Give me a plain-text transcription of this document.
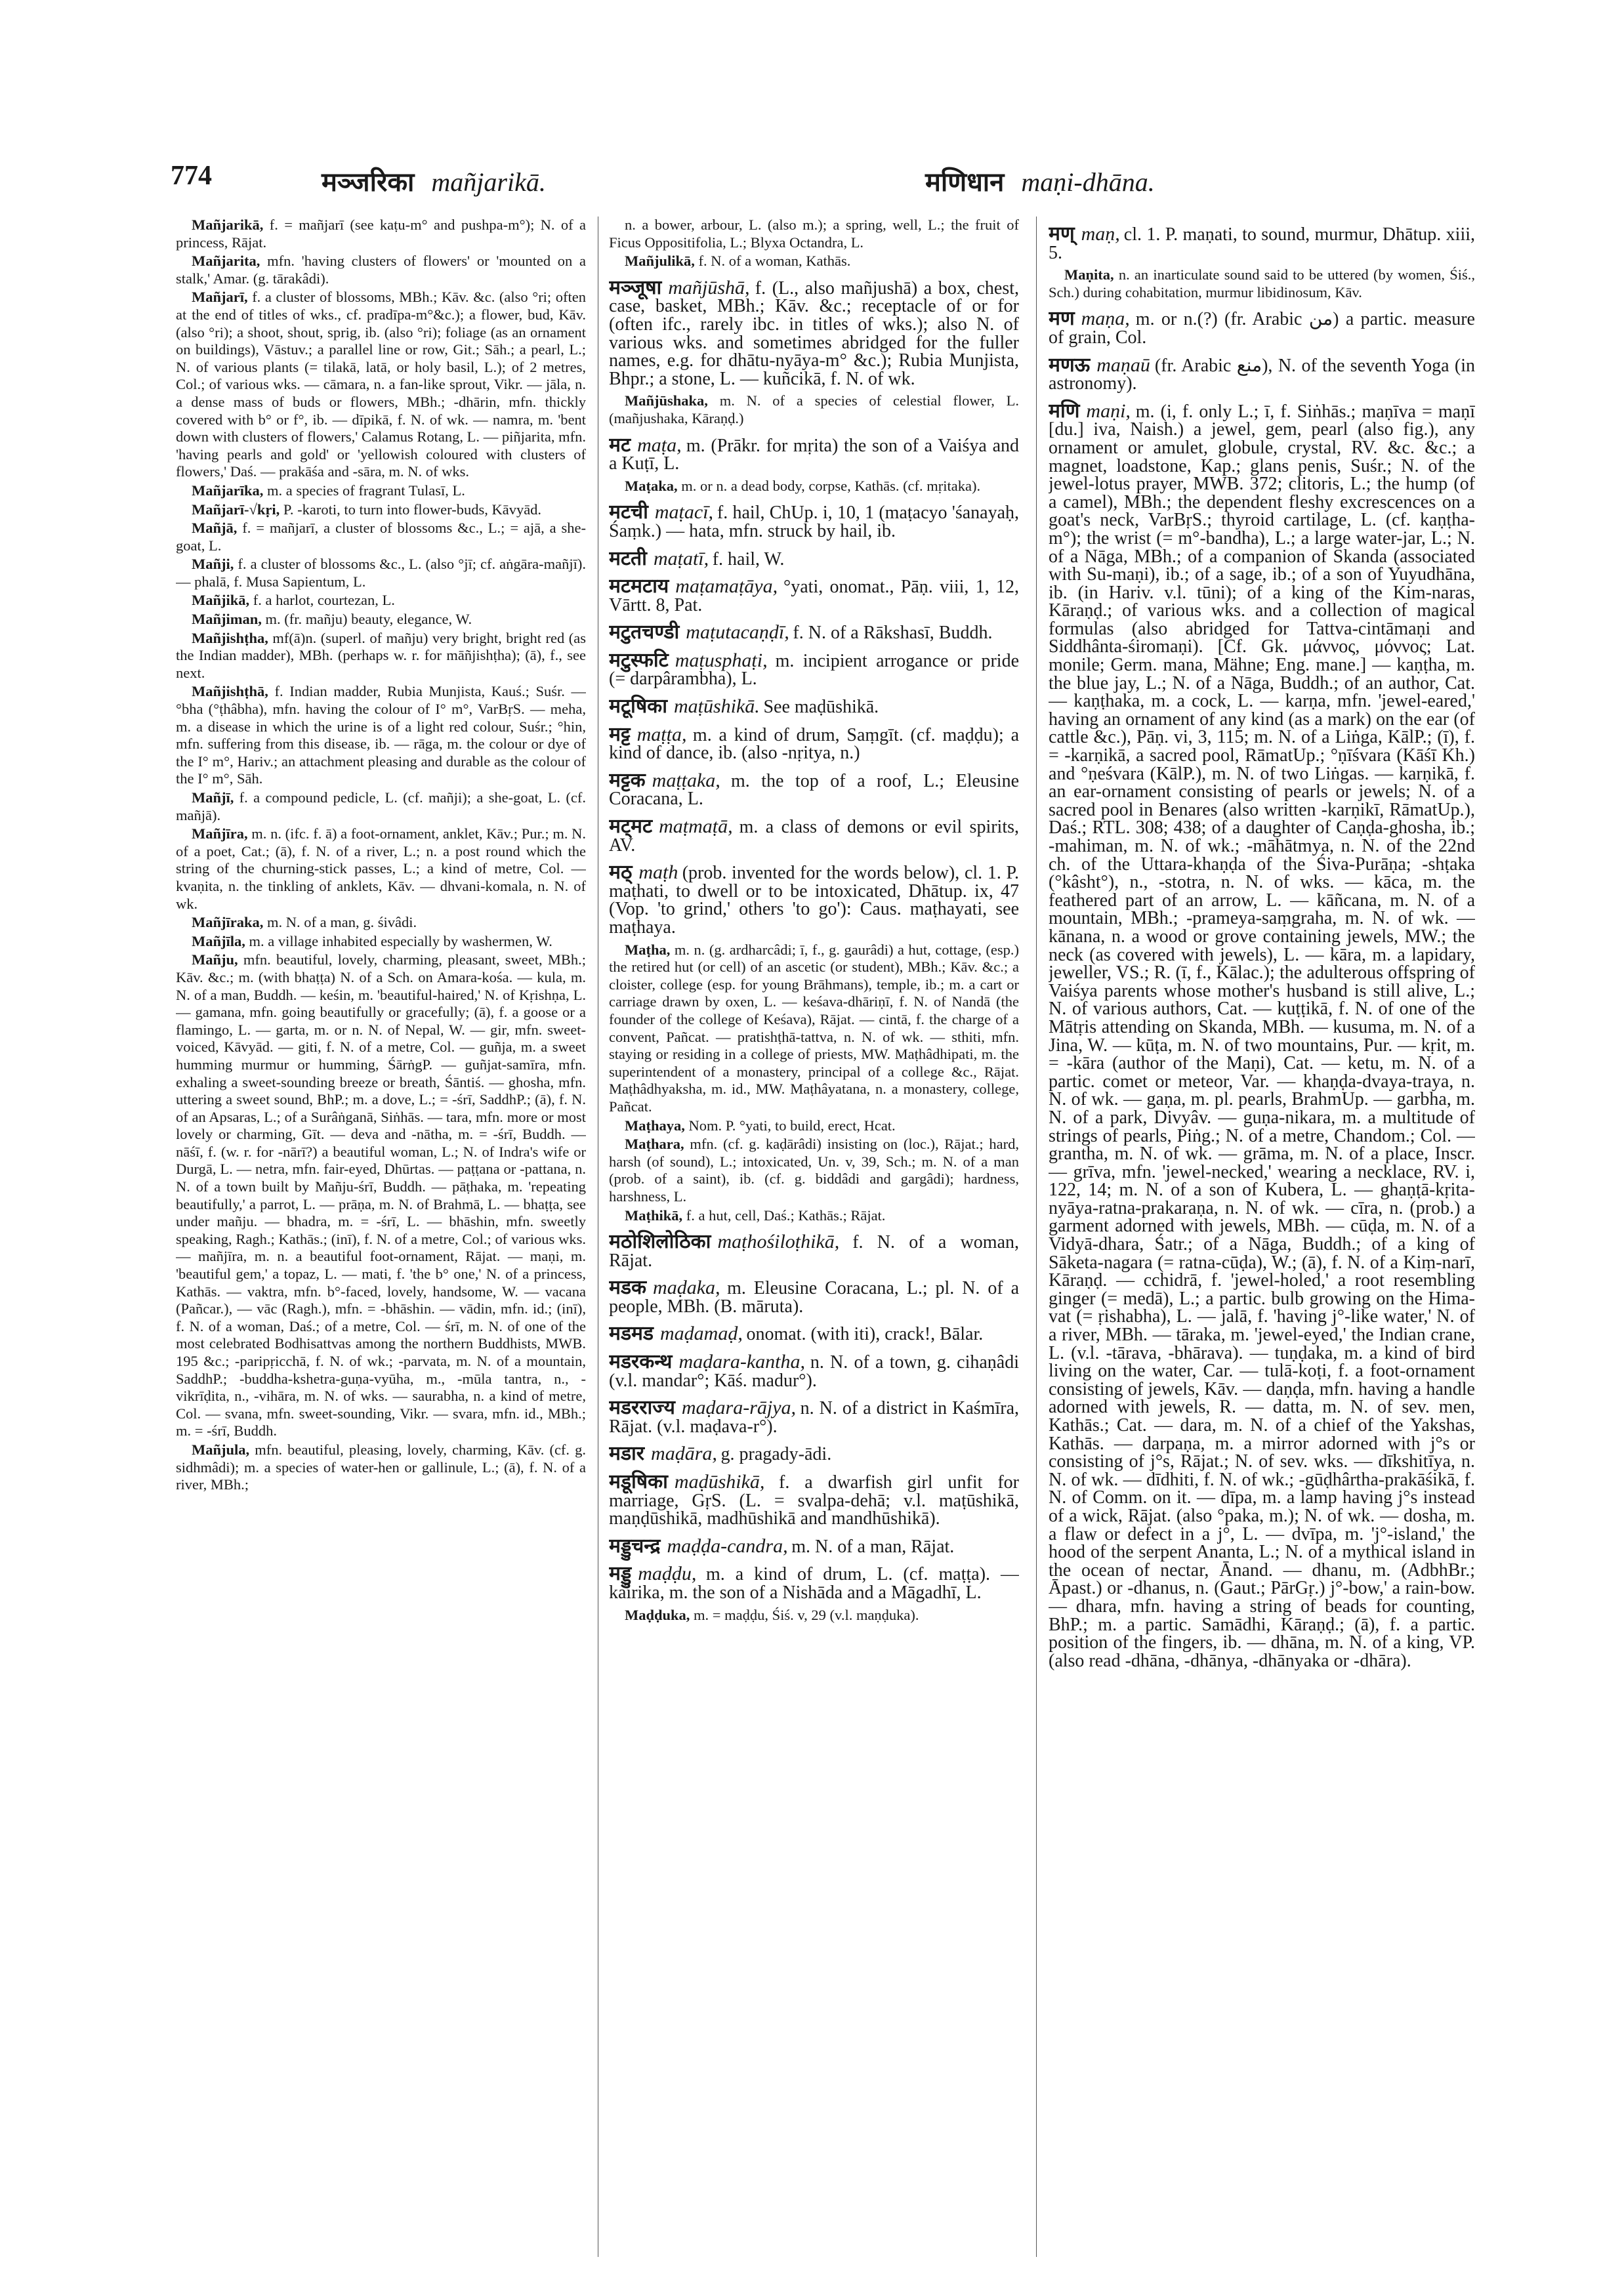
774	मञ्जरिका mañjarikā.	मणिधान maṇi-dhāna.

Mañjarikā, f. = mañjarī (see kaṭu-m° and pushpa-m°); N. of a princess, Rājat.

Mañjarita, mfn. 'having clusters of flowers' or 'mounted on a stalk,' Amar. (g. tārakâdi).

Mañjarī, f. a cluster of blossoms, MBh.; Kāv. &c. (also °ri; often at the end of titles of wks., cf. pradīpa-m°&c.); a flower, bud, Kāv. (also °ri); a shoot, shout, sprig, ib. (also °ri); foliage (as an ornament on buildings), Vāstuv.; a parallel line or row, Git.; Sāh.; a pearl, L.; N. of various plants (= tilakā, latā, or holy basil, L.); of 2 metres, Col.; of various wks. — cāmara, n. a fan-like sprout, Vikr. — jāla, n. a dense mass of buds or flowers, MBh.; -dhārin, mfn. thickly covered with b° or f°, ib. — dīpikā, f. N. of wk. — namra, m. 'bent down with clusters of flowers,' Calamus Rotang, L. — piñjarita, mfn. 'having pearls and gold' or 'yellowish coloured with clusters of flowers,' Daś. — prakāśa and -sāra, m. N. of wks.

Mañjarīka, m. a species of fragrant Tulasī, L.

Mañjarī-√kṛi, P. -karoti, to turn into flower-buds, Kāvyād.

Mañjā, f. = mañjarī, a cluster of blossoms &c., L.; = ajā, a she-goat, L.

Mañji, f. a cluster of blossoms &c., L. (also °jī; cf. aṅgāra-mañjī). — phalā, f. Musa Sapientum, L.

Mañjikā, f. a harlot, courtezan, L.

Mañjiman, m. (fr. mañju) beauty, elegance, W.

Mañjishṭha, mf(ā)n. (superl. of mañju) very bright, bright red (as the Indian madder), MBh. (perhaps w. r. for māñjishṭha); (ā), f., see next.

Mañjishṭhā, f. Indian madder, Rubia Munjista, Kauś.; Suśr. — °bha (°ṭhâbha), mfn. having the colour of I° m°, VarBṛS. — meha, m. a disease in which the urine is of a light red colour, Suśr.; °hin, mfn. suffering from this disease, ib. — rāga, m. the colour or dye of the I° m°, Hariv.; an attachment pleasing and durable as the colour of the I° m°, Sāh.

Mañjī, f. a compound pedicle, L. (cf. mañji); a she-goat, L. (cf. mañjā).

Mañjīra, m. n. (ifc. f. ā) a foot-ornament, anklet, Kāv.; Pur.; m. N. of a poet, Cat.; (ā), f. N. of a river, L.; n. a post round which the string of the churning-stick passes, L.; a kind of metre, Col. — kvaṇita, n. the tinkling of anklets, Kāv. — dhvani-komala, n. N. of wk.

Mañjīraka, m. N. of a man, g. śivâdi.

Mañjīla, m. a village inhabited especially by washermen, W.

Mañju, mfn. beautiful, lovely, charming, pleasant, sweet, MBh.; Kāv. &c.; m. (with bhaṭṭa) N. of a Sch. on Amara-kośa. — kula, m. N. of a man, Buddh. — keśin, m. 'beautiful-haired,' N. of Kṛishṇa, L. — gamana, mfn. going beautifully or gracefully; (ā), f. a goose or a flamingo, L. — garta, m. or n. N. of Nepal, W. — gir, mfn. sweet-voiced, Kāvyād. — giti, f. N. of a metre, Col. — guñja, m. a sweet humming murmur or humming, ŚārṅgP. — guñjat-samīra, mfn. exhaling a sweet-sounding breeze or breath, Śāntiś. — ghosha, mfn. uttering a sweet sound, BhP.; m. a dove, L.; = -śrī, SaddhP.; (ā), f. N. of an Apsaras, L.; of a Surâṅganā, Siṅhās. — tara, mfn. more or most lovely or charming, Gīt. — deva and -nātha, m. = -śrī, Buddh. — nāśī, f. (w. r. for -nārī?) a beautiful woman, L.; N. of Indra's wife or Durgā, L. — netra, mfn. fair-eyed, Dhūrtas. — paṭṭana or -pattana, n. N. of a town built by Mañju-śrī, Buddh. — pāṭhaka, m. 'repeating beautifully,' a parrot, L. — prāṇa, m. N. of Brahmā, L. — bhaṭṭa, see under mañju. — bhadra, m. = -śrī, L. — bhāshin, mfn. sweetly speaking, Ragh.; Kathās.; (inī), f. N. of a metre, Col.; of various wks. — mañjīra, m. n. a beautiful foot-ornament, Rājat. — maṇi, m. 'beautiful gem,' a topaz, L. — mati, f. 'the b° one,' N. of a princess, Kathās. — vaktra, mfn. b°-faced, lovely, handsome, W. — vacana (Pañcar.), — vāc (Ragh.), mfn. = -bhāshin. — vādin, mfn. id.; (inī), f. N. of a woman, Daś.; of a metre, Col. — śrī, m. N. of one of the most celebrated Bodhisattvas among the northern Buddhists, MWB. 195 &c.; -paripṛicchā, f. N. of wk.; -parvata, m. N. of a mountain, SaddhP.; -buddha-kshetra-guṇa-vyūha, m., -mūla tantra, n., -vikrīḍita, n., -vihāra, m. N. of wks. — saurabha, n. a kind of metre, Col. — svana, mfn. sweet-sounding, Vikr. — svara, mfn. id., MBh.; m. = -śrī, Buddh.

Mañjula, mfn. beautiful, pleasing, lovely, charming, Kāv. (cf. g. sidhmâdi); m. a species of water-hen or gallinule, L.; (ā), f. N. of a river, MBh.;

n. a bower, arbour, L. (also m.); a spring, well, L.; the fruit of Ficus Oppositifolia, L.; Blyxa Octandra, L.

Mañjulikā, f. N. of a woman, Kathās.

मञ्जूषा mañjūshā, f. (L., also mañjushā) a box, chest, case, basket, MBh.; Kāv. &c.; receptacle of or for (often ifc., rarely ibc. in titles of wks.); also N. of various wks. and sometimes abridged for the fuller names, e.g. for dhātu-nyāya-m° &c.); Rubia Munjista, Bhpr.; a stone, L. — kuñcikā, f. N. of wk.

Mañjūshaka, m. N. of a species of celestial flower, L. (mañjushaka, Kāraṇḍ.)

मट maṭa, m. (Prākr. for mṛita) the son of a Vaiśya and a Kuṭī, L.

Maṭaka, m. or n. a dead body, corpse, Kathās. (cf. mṛitaka).

मटची maṭacī, f. hail, ChUp. i, 10, 1 (maṭacyo 'śanayaḥ, Śaṃk.) — hata, mfn. struck by hail, ib.

मटती maṭatī, f. hail, W.

मटमटाय maṭamaṭāya, °yati, onomat., Pāṇ. viii, 1, 12, Vārtt. 8, Pat.

मटुतचण्डी maṭutacaṇḍī, f. N. of a Rākshasī, Buddh.

मटुस्फटि maṭusphaṭi, m. incipient arrogance or pride (= darpârambha), L.

मटूषिका maṭūshikā. See maḍūshikā.

मट्ट maṭṭa, m. a kind of drum, Saṃgīt. (cf. maḍḍu); a kind of dance, ib. (also -nṛitya, n.)

मट्टक maṭṭaka, m. the top of a roof, L.; Eleusine Coracana, L.

मट्मट maṭmaṭā, m. a class of demons or evil spirits, AV.

मठ् maṭh (prob. invented for the words below), cl. 1. P. maṭhati, to dwell or to be intoxicated, Dhātup. ix, 47 (Vop. 'to grind,' others 'to go'): Caus. maṭhayati, see maṭhaya.

Maṭha, m. n. (g. ardharcâdi; ī, f., g. gaurâdi) a hut, cottage, (esp.) the retired hut (or cell) of an ascetic (or student), MBh.; Kāv. &c.; a cloister, college (esp. for young Brāhmans), temple, ib.; m. a cart or carriage drawn by oxen, L. — keśava-dhāriṇī, f. N. of Nandā (the founder of the college of Keśava), Rājat. — cintā, f. the charge of a convent, Pañcat. — pratishṭhā-tattva, n. N. of wk. — sthiti, mfn. staying or residing in a college of priests, MW. Maṭhâdhipati, m. the superintendent of a monastery, principal of a college &c., Rājat. Maṭhâdhyaksha, m. id., MW. Maṭhâyatana, n. a monastery, college, Pañcat.

Maṭhaya, Nom. P. °yati, to build, erect, Hcat.

Maṭhara, mfn. (cf. g. kaḍārâdi) insisting on (loc.), Rājat.; hard, harsh (of sound), L.; intoxicated, Un. v, 39, Sch.; m. N. of a man (prob. of a saint), ib. (cf. g. biddâdi and gargâdi); hardness, harshness, L.

Maṭhikā, f. a hut, cell, Daś.; Kathās.; Rājat.

मठोशिलोठिका maṭhośiloṭhikā, f. N. of a woman, Rājat.

मडक maḍaka, m. Eleusine Coracana, L.; pl. N. of a people, MBh. (B. māruta).

मडमड maḍamaḍ, onomat. (with iti), crack!, Bālar.

मडरकन्थ maḍara-kantha, n. N. of a town, g. cihaṇâdi (v.l. mandar°; Kāś. madur°).

मडरराज्य maḍara-rājya, n. N. of a district in Kaśmīra, Rājat. (v.l. maḍava-r°).

मडार maḍāra, g. pragady-ādi.

मडूषिका maḍūshikā, f. a dwarfish girl unfit for marriage, GṛS. (L. = svalpa-dehā; v.l. maṭūshikā, maṇḍūshikā, madhūshikā and mandhūshikā).

मड्डुचन्द्र maḍḍa-candra, m. N. of a man, Rājat.

मड्डु maḍḍu, m. a kind of drum, L. (cf. maṭṭa). — kairika, m. the son of a Nishāda and a Māgadhī, L.

Maḍḍuka, m. = maḍḍu, Śiś. v, 29 (v.l. maṇḍuka).

मण् maṇ, cl. 1. P. maṇati, to sound, murmur, Dhātup. xiii, 5.

Maṇita, n. an inarticulate sound said to be uttered (by women, Śiś., Sch.) during cohabitation, murmur libidinosum, Kāv.

मण maṇa, m. or n.(?) (fr. Arabic من) a partic. measure of grain, Col.

मणऊ maṇaū (fr. Arabic منع), N. of the seventh Yoga (in astronomy).

मणि maṇi, m. (i, f. only L.; ī, f. Siṅhās.; maṇīva = maṇī [du.] iva, Naish.) a jewel, gem, pearl (also fig.), any ornament or amulet, globule, crystal, RV. &c. &c.; a magnet, loadstone, Kap.; glans penis, Suśr.; N. of the jewel-lotus prayer, MWB. 372; clitoris, L.; the hump (of a camel), MBh.; the dependent fleshy excrescences on a goat's neck, VarBṛS.; thyroid cartilage, L. (cf. kaṇṭha-m°); the wrist (= m°-bandha), L.; a large water-jar, L.; N. of a Nāga, MBh.; of a companion of Skanda (associated with Su-maṇi), ib.; of a sage, ib.; of a son of Yuyudhāna, ib. (in Hariv. v.l. tūni); of a king of the Kim-naras, Kāraṇḍ.; of various wks. and a collection of magical formulas (also abridged for Tattva-cintāmaṇi and Siddhânta-śiromaṇi). [Cf. Gk. μάννος, μόννος; Lat. monile; Germ. mana, Mähne; Eng. mane.] — kaṇṭha, m. the blue jay, L.; N. of a Nāga, Buddh.; of an author, Cat. — kaṇṭhaka, m. a cock, L. — karṇa, mfn. 'jewel-eared,' having an ornament of any kind (as a mark) on the ear (of cattle &c.), Pāṇ. vi, 3, 115; m. N. of a Liṅga, KālP.; (ī), f. = -karṇikā, a sacred pool, RāmatUp.; °ṇīśvara (Kāśī Kh.) and °ṇeśvara (KālP.), m. N. of two Liṅgas. — karṇikā, f. an ear-ornament consisting of pearls or jewels; N. of a sacred pool in Benares (also written -karṇikī, RāmatUp.), Daś.; RTL. 308; 438; of a daughter of Caṇḍa-ghosha, ib.; -mahiman, m. N. of wk.; -māhātmya, n. N. of the 22nd ch. of the Uttara-khaṇḍa of the Śiva-Purāṇa; -shṭaka (°kâsht°), n., -stotra, n. N. of wks. — kāca, m. the feathered part of an arrow, L. — kāñcana, m. N. of a mountain, MBh.; -prameya-saṃgraha, m. N. of wk. — kānana, n. a wood or grove containing jewels, MW.; the neck (as covered with jewels), L. — kāra, m. a lapidary, jeweller, VS.; R. (ī, f., Kālac.); the adulterous offspring of Vaiśya parents whose mother's husband is still alive, L.; N. of various authors, Cat. — kuṭṭikā, f. N. of one of the Mātṛis attending on Skanda, MBh. — kusuma, m. N. of a Jina, W. — kūṭa, m. N. of two mountains, Pur. — kṛit, m. = -kāra (author of the Maṇi), Cat. — ketu, m. N. of a partic. comet or meteor, Var. — khaṇḍa-dvaya-traya, n. N. of wk. — gaṇa, m. pl. pearls, BrahmUp. — garbha, m. N. of a park, Divyâv. — guṇa-nikara, m. a multitude of strings of pearls, Piṅg.; N. of a metre, Chandom.; Col. — grantha, m. N. of wk. — grāma, m. N. of a place, Inscr. — grīva, mfn. 'jewel-necked,' wearing a necklace, RV. i, 122, 14; m. N. of a son of Kubera, L. — ghaṇṭā-kṛita-nyāya-ratna-prakaraṇa, n. N. of wk. — cīra, n. (prob.) a garment adorned with jewels, MBh. — cūḍa, m. N. of a Vidyā-dhara, Śatr.; of a Nāga, Buddh.; of a king of Sāketa-nagara (= ratna-cūḍa), W.; (ā), f. N. of a Kiṃ-narī, Kāraṇḍ. — cchidrā, f. 'jewel-holed,' a root resembling ginger (= medā), L.; a partic. bulb growing on the Hima-vat (= ṛishabha), L. — jalā, f. 'having j°-like water,' N. of a river, MBh. — tāraka, m. 'jewel-eyed,' the Indian crane, L. (v.l. -tārava, -bhārava). — tuṇḍaka, m. a kind of bird living on the water, Car. — tulā-koṭi, f. a foot-ornament consisting of jewels, Kāv. — daṇḍa, mfn. having a handle adorned with jewels, R. — datta, m. N. of sev. men, Kathās.; Cat. — dara, m. N. of a chief of the Yakshas, Kathās. — darpaṇa, m. a mirror adorned with j°s or consisting of j°s, Rājat.; N. of sev. wks. — dīkshitīya, n. N. of wk. — dīdhiti, f. N. of wk.; -gūḍhârtha-prakāśikā, f. N. of Comm. on it. — dīpa, m. a lamp having j°s instead of a wick, Rājat. (also °paka, m.); N. of wk. — dosha, m. a flaw or defect in a j°, L. — dvīpa, m. 'j°-island,' the hood of the serpent Ananta, L.; N. of a mythical island in the ocean of nectar, Ānand. — dhanu, m. (AdbhBr.; Āpast.) or -dhanus, n. (Gaut.; PārGṛ.) j°-bow,' a rain-bow. — dhara, mfn. having a string of beads for counting, BhP.; m. a partic. Samādhi, Kāraṇḍ.; (ā), f. a partic. position of the fingers, ib. — dhāna, m. N. of a king, VP. (also read -dhāna, -dhānya, -dhānyaka or -dhāra).
